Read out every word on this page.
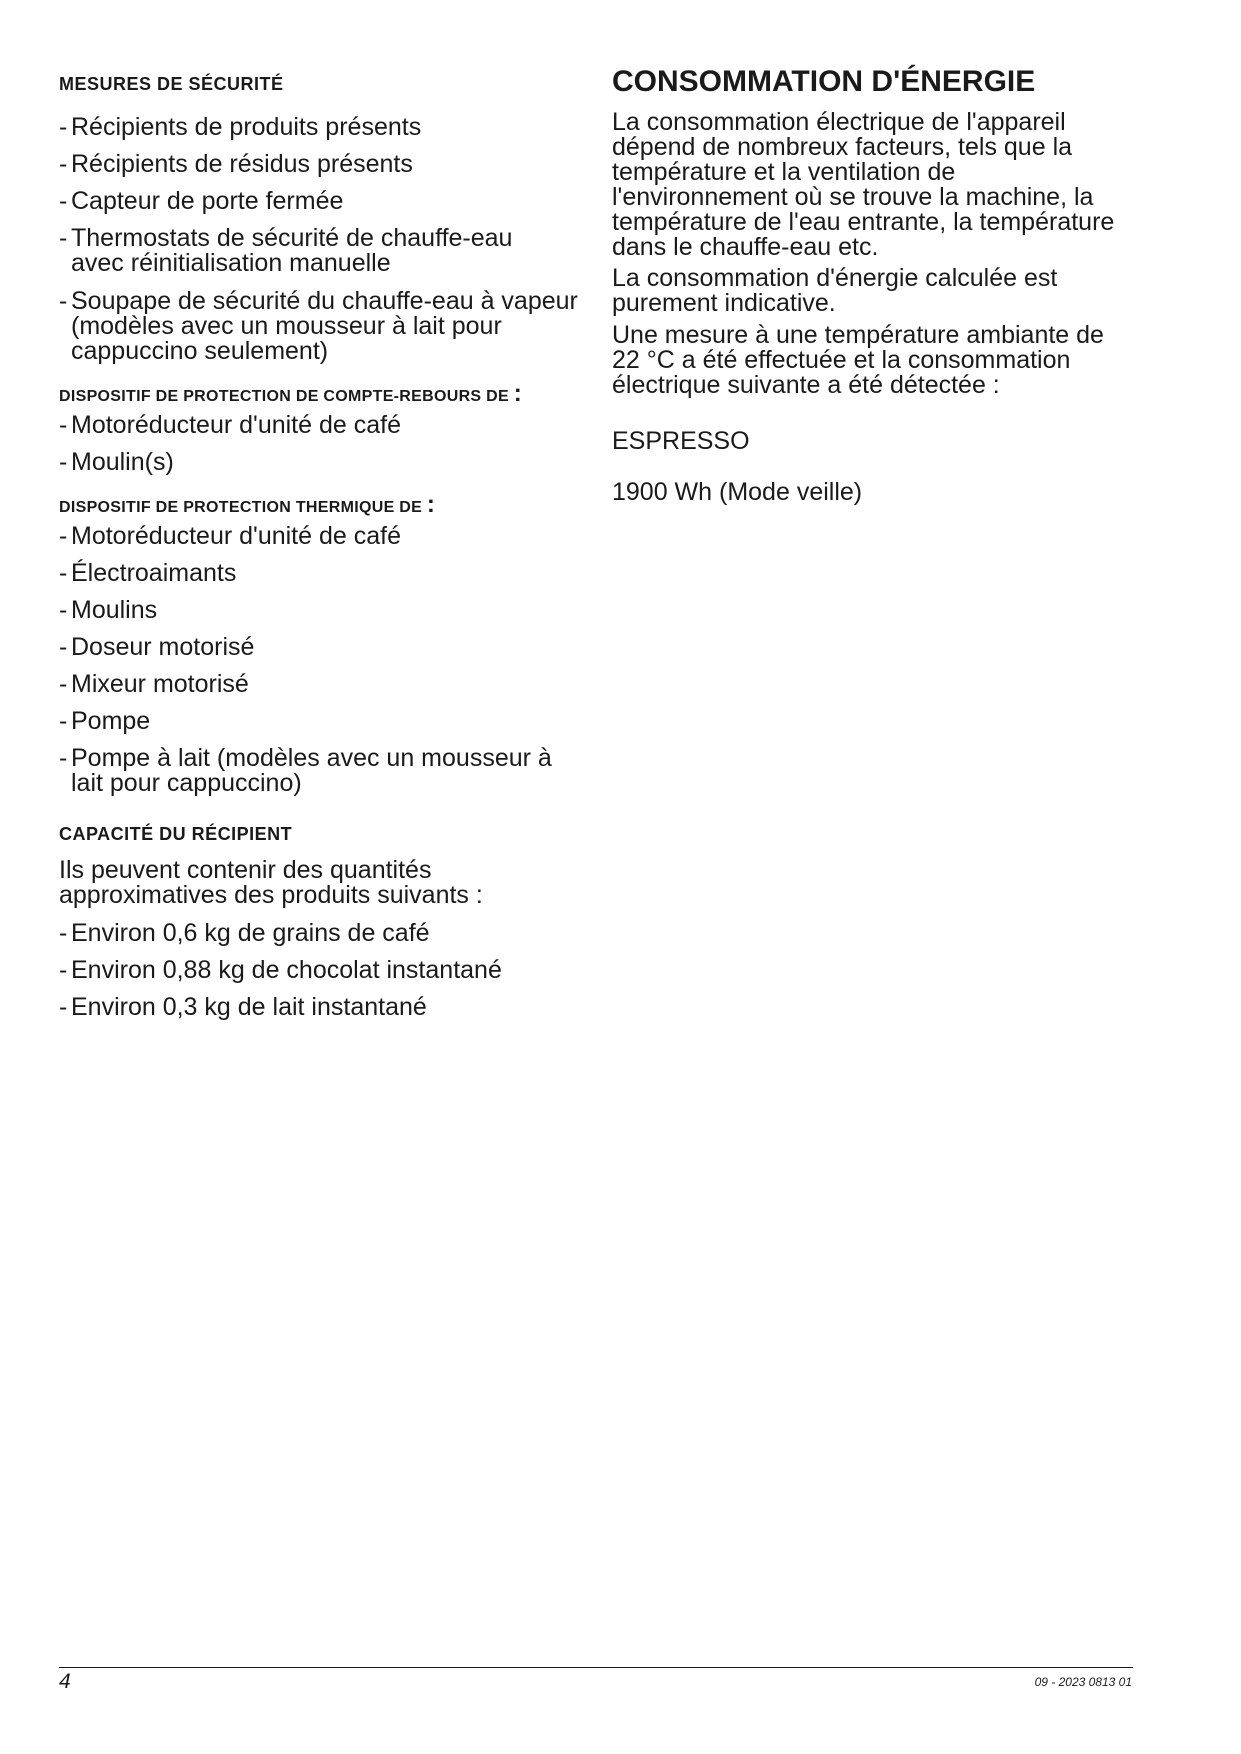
MESURES DE SÉCURITÉ
- Récipients de produits présents
- Récipients de résidus présents
- Capteur de porte fermée
- Thermostats de sécurité de chauffe-eau avec réinitialisation manuelle
- Soupape de sécurité du chauffe-eau à vapeur (modèles avec un mousseur à lait pour cappuccino seulement)
DISPOSITIF DE PROTECTION DE COMPTE-REBOURS DE :
- Motoréducteur d'unité de café
- Moulin(s)
DISPOSITIF DE PROTECTION THERMIQUE DE :
- Motoréducteur d'unité de café
- Électroaimants
- Moulins
- Doseur motorisé
- Mixeur motorisé
- Pompe
- Pompe à lait (modèles avec un mousseur à lait pour cappuccino)
CAPACITÉ DU RÉCIPIENT
Ils peuvent contenir des quantités approximatives des produits suivants :
- Environ 0,6 kg de grains de café
- Environ 0,88 kg de chocolat instantané
- Environ 0,3 kg de lait instantané
CONSOMMATION D'ÉNERGIE
La consommation électrique de l'appareil dépend de nombreux facteurs, tels que la température et la ventilation de l'environnement où se trouve la machine, la température de l'eau entrante, la température dans le chauffe-eau etc.
La consommation d'énergie calculée est purement indicative.
Une mesure à une température ambiante de 22 °C a été effectuée et la consommation électrique suivante a été détectée :
ESPRESSO
1900 Wh (Mode veille)
4	09 - 2023 0813 01
